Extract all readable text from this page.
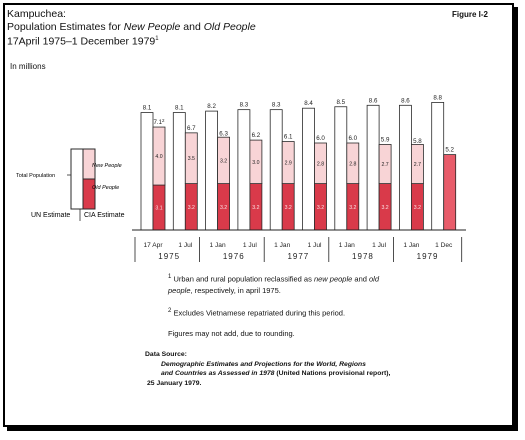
Kampuchea:
Population Estimates for New People and Old People
17April 1975–1 December 1979$^1$
Figure I-2
In millions
Total Population
New People
Old People
UN Estimate CIA Estimate
8.1
3.1
4.0
$7.1^2$
8.1
3.2
3.5
6.7
8.2
3.2
3.2
6.3
8.3
3.2
3.0
6.2
8.3
3.2
2.9
6.1
8.4
3.2
2.8
6.0
8.5
3.2
2.8
6.0
8.6
3.2
2.7
5.9
8.6
3.2
2.7
5.8
8.8
5.2
17 Apr 1 Jul	1 Jan	1 Jul	1 Jan	1 Jul	1 Jan	1 Jul	1 Jan 1 Dec
1975	1976	1977	1978	1979
$^1$ Urban and rural population reclassified as new people and old
people, respectively, in april 1975.
$^2$ Excludes Vietnamese repatriated during this period.
Figures may not add, due to rounding.
Data Source:
Demographic Estimates and Projections for the World, Regions
and Countries as Assessed in 1978 (United Nations provisional report),
25 January 1979.
